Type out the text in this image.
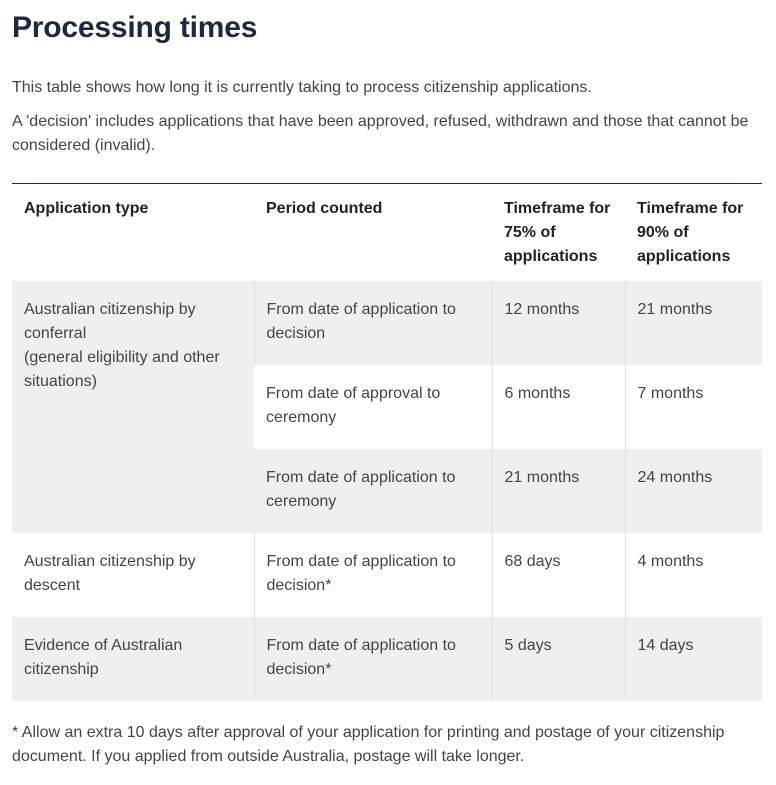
Processing times

This table shows how long it is currently taking to process citizenship applications.

A 'decision' includes applications that have been approved, refused, withdrawn and those that cannot be considered (invalid).

Application type	Period counted	Timeframe for 75% of applications	Timeframe for 90% of applications
Australian citizenship by conferral
(general eligibility and other situations)	From date of application to decision	12 months	21 months
	From date of approval to ceremony	6 months	7 months
	From date of application to ceremony	21 months	24 months
Australian citizenship by descent	From date of application to decision*	68 days	4 months
Evidence of Australian citizenship	From date of application to decision*	5 days	14 days

* Allow an extra 10 days after approval of your application for printing and postage of your citizenship document. If you applied from outside Australia, postage will take longer.
